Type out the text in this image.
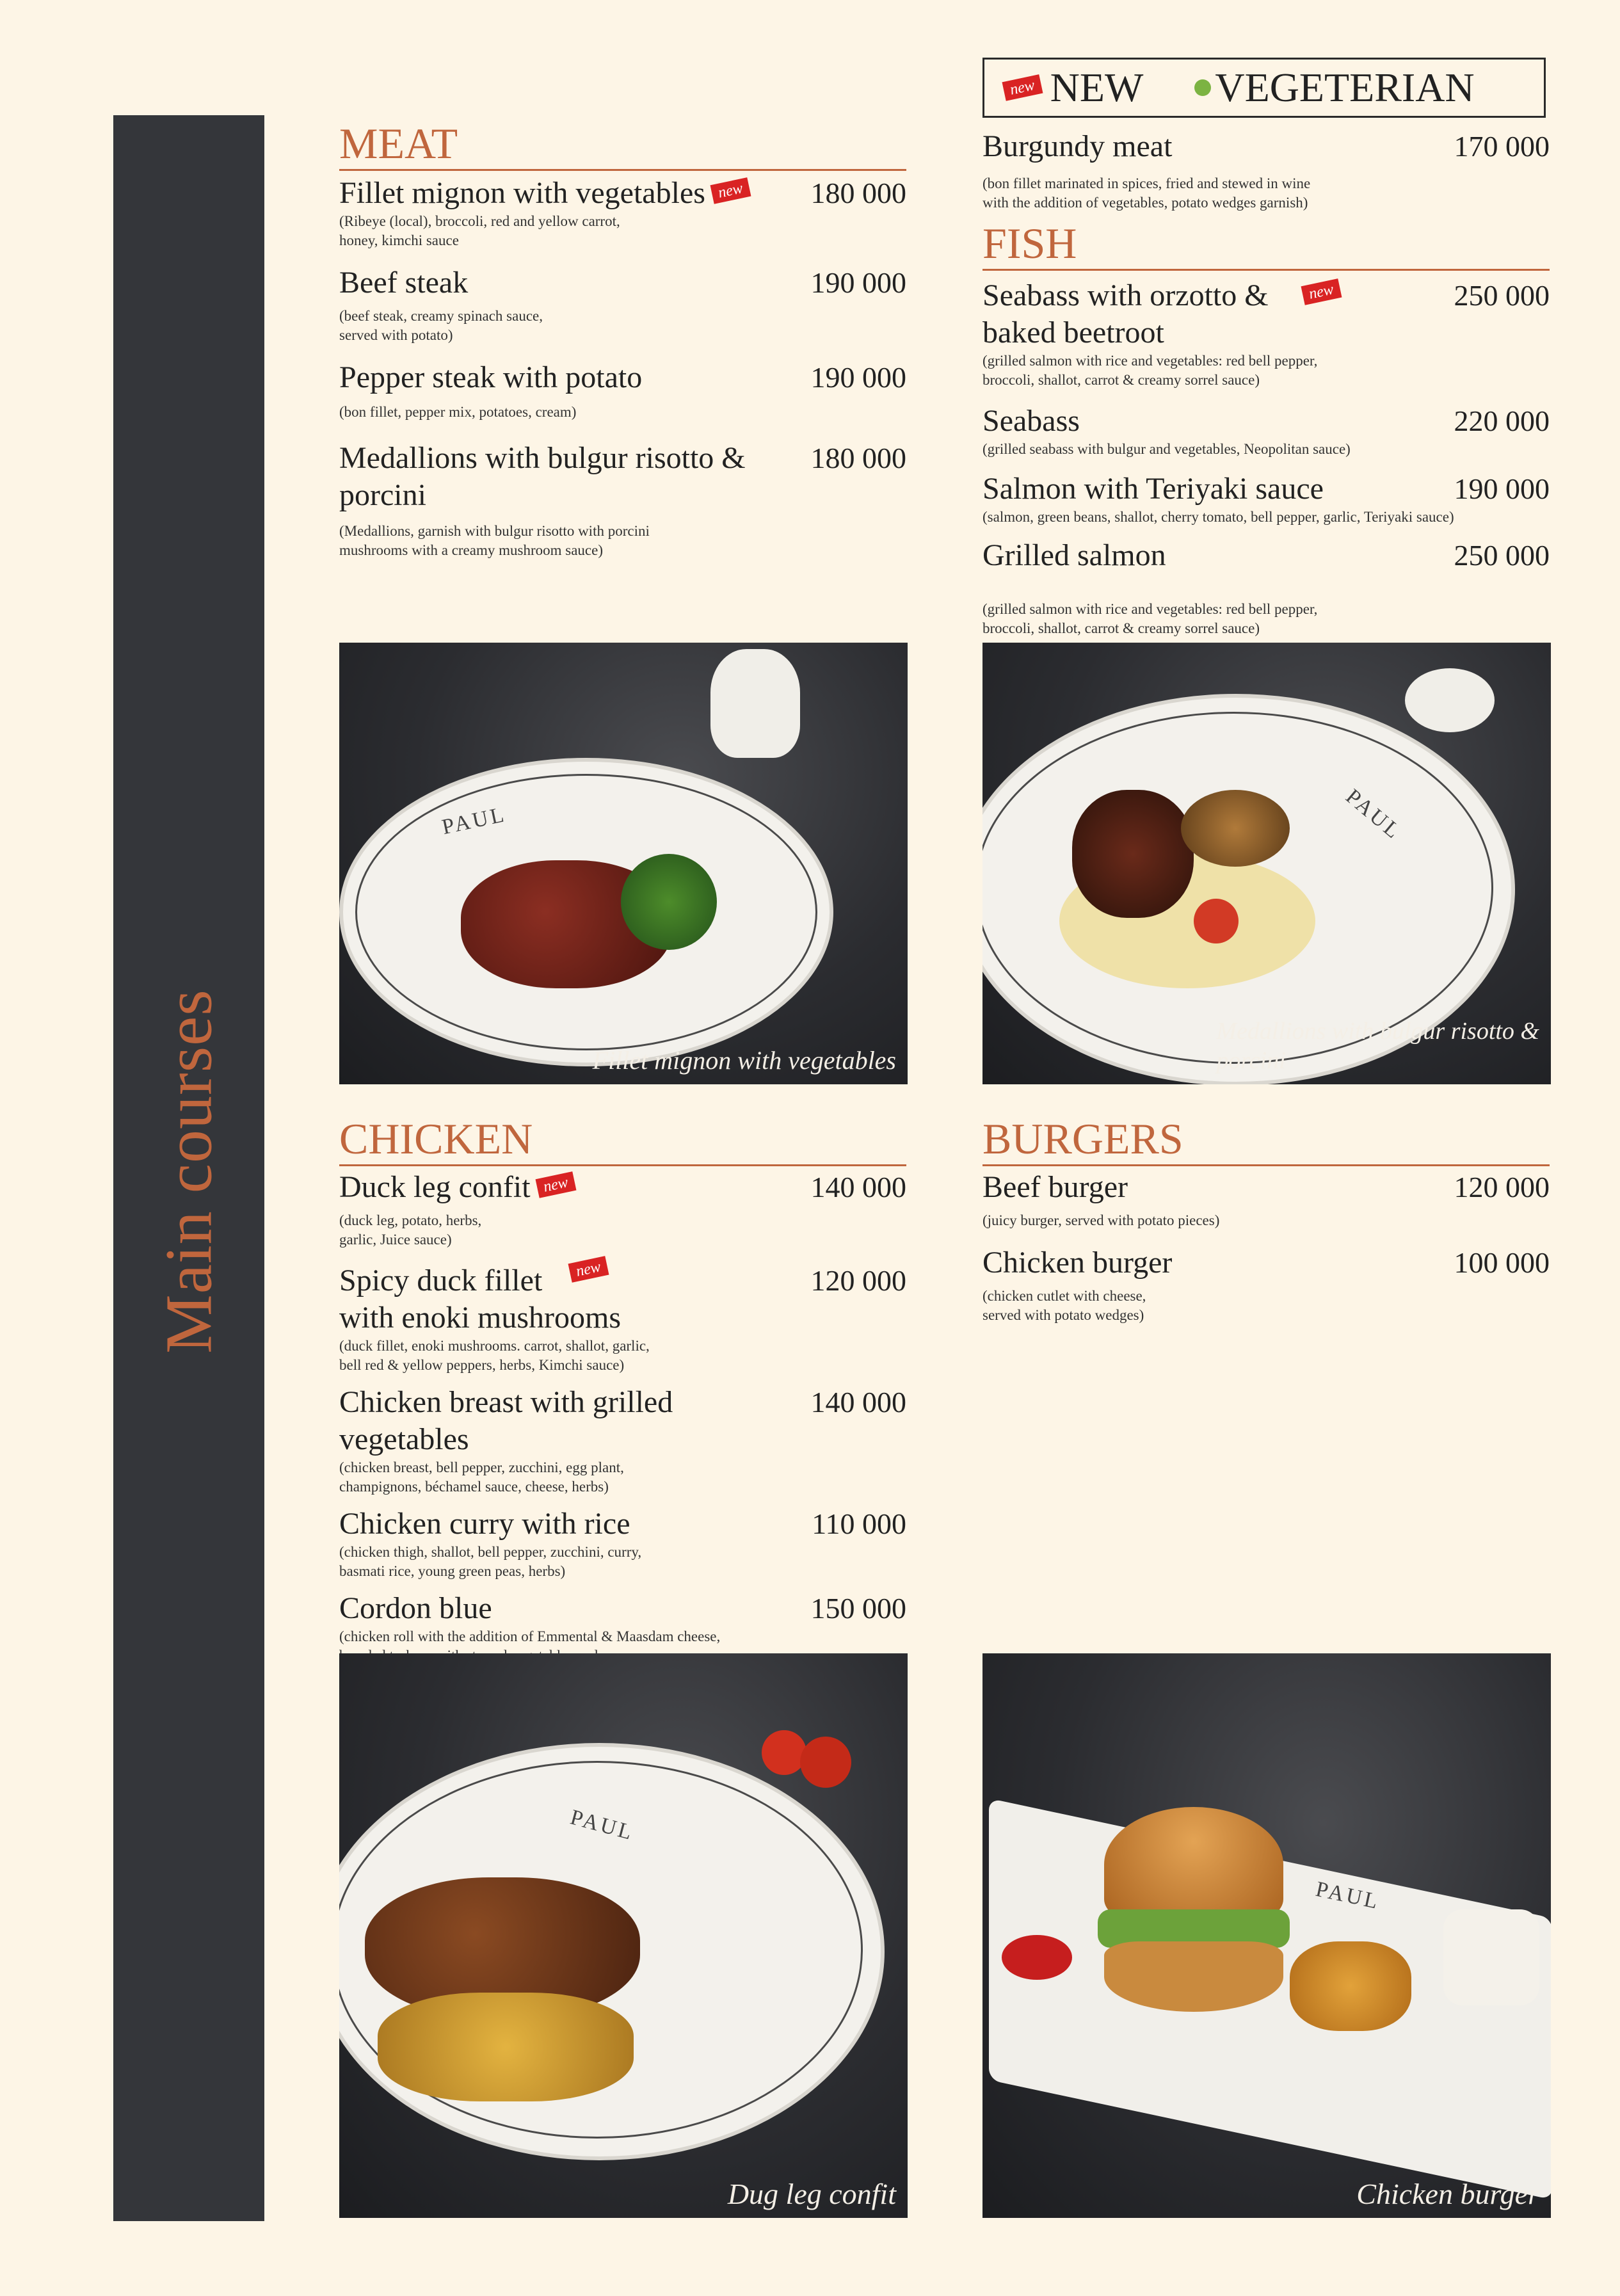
Main courses
new NEW VEGETERIAN
MEAT
Fillet mignon with vegetables new	180 000
(Ribeye (local), broccoli, red and yellow carrot,
honey, kimchi sauce
Beef steak	190 000
(beef steak, creamy spinach sauce,
served with potato)
Pepper steak with potato	190 000
(bon fillet, pepper mix, potatoes, cream)
Medallions with bulgur risotto &
porcini
180 000
(Medallions, garnish with bulgur risotto with porcini
mushrooms with a creamy mushroom sauce)
Burgundy meat	170 000
(bon fillet marinated in spices, fried and stewed in wine
with the addition of vegetables, potato wedges garnish)
FISH
Seabass with orzotto &
baked beetroot
new	250 000
(grilled salmon with rice and vegetables: red bell pepper,
broccoli, shallot, carrot & creamy sorrel sauce)
Seabass	220 000
(grilled seabass with bulgur and vegetables, Neopolitan sauce)
Salmon with Teriyaki sauce	190 000
(salmon, green beans, shallot, cherry tomato, bell pepper, garlic, Teriyaki sauce)
Grilled salmon	250 000
(grilled salmon with rice and vegetables: red bell pepper,
broccoli, shallot, carrot & creamy sorrel sauce)
PAUL
Fillet mignon with vegetables
PAUL
Medallions with bulgur risotto &
porcini
CHICKEN
Duck leg confit new	140 000
(duck leg, potato, herbs,
garlic, Juice sauce)
Spicy duck fillet
with enoki mushrooms
new	120 000
(duck fillet, enoki mushrooms. carrot, shallot, garlic,
bell red & yellow peppers, herbs, Kimchi sauce)
Chicken breast with grilled vegetables
140 000
(chicken breast, bell pepper, zucchini, egg plant,
champignons, béchamel sauce, cheese, herbs)
Chicken curry with rice	110 000
(chicken thigh, shallot, bell pepper, zucchini, curry,
basmati rice, young green peas, herbs)
Cordon blue	150 000
(chicken roll with the addition of Emmental & Maasdam cheese,

BURGERS
Beef burger	120 000
(juicy burger, served with potato pieces)
Chicken burger	100 000
(chicken cutlet with cheese,
served with potato wedges)
PAUL
Dug leg confit
PAUL
Chicken burger
